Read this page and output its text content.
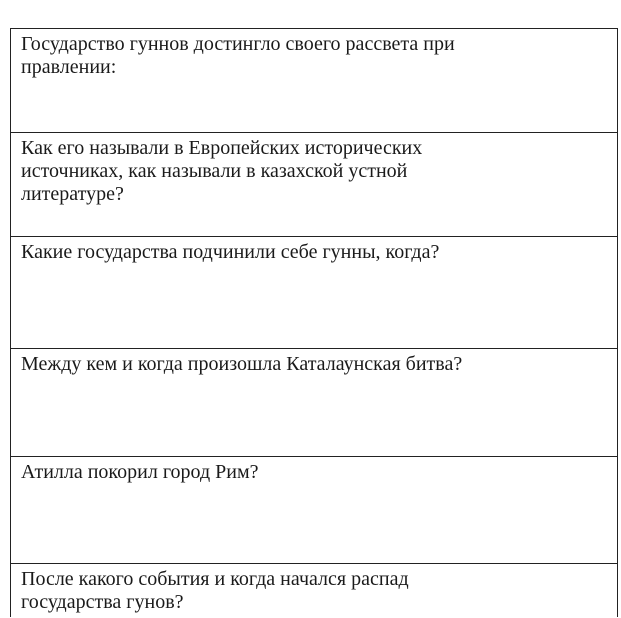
Государство гуннов достингло своего рассвета при
правлении:
Как его называли в Европейских исторических
источниках, как называли в казахской устной
литературе?
Какие государства подчинили себе гунны, когда?
Между кем и когда произошла Каталаунская битва?
Атилла покорил город Рим?
После какого события и когда начался распад
государства гунов?
